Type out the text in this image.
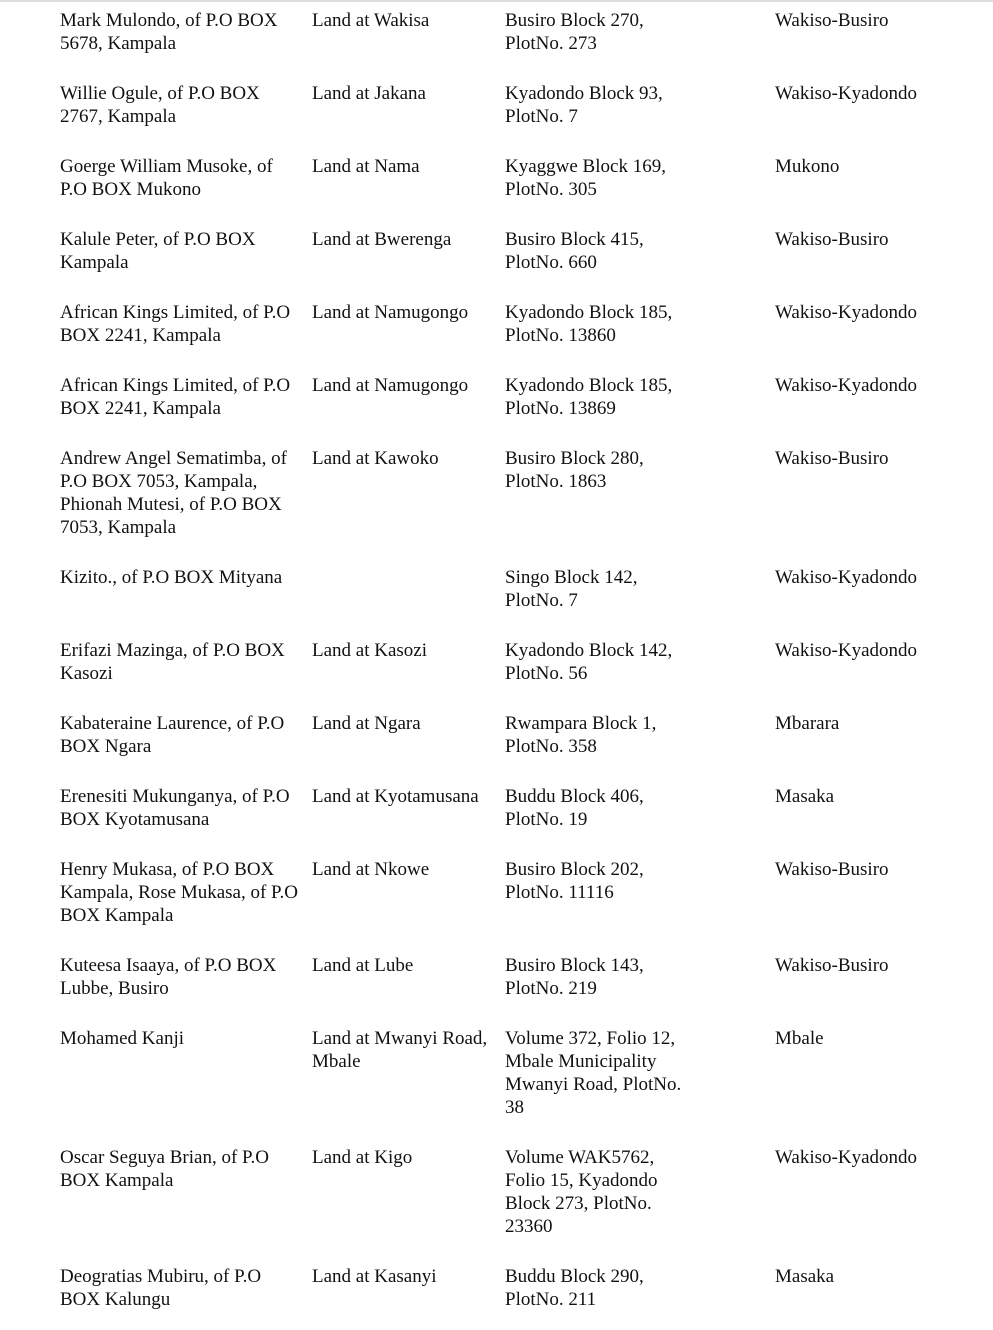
Mark Mulondo, of P.O BOX
5678, Kampala	Land at Wakisa	Busiro Block 270,
PlotNo. 273	Wakiso-Busiro
Willie Ogule, of P.O BOX
2767, Kampala	Land at Jakana	Kyadondo Block 93,
PlotNo. 7	Wakiso-Kyadondo
Goerge William Musoke, of
P.O BOX Mukono	Land at Nama	Kyaggwe Block 169,
PlotNo. 305	Mukono
Kalule Peter, of P.O BOX
Kampala	Land at Bwerenga	Busiro Block 415,
PlotNo. 660	Wakiso-Busiro
African Kings Limited, of P.O
BOX 2241, Kampala	Land at Namugongo	Kyadondo Block 185,
PlotNo. 13860	Wakiso-Kyadondo
African Kings Limited, of P.O
BOX 2241, Kampala	Land at Namugongo	Kyadondo Block 185,
PlotNo. 13869	Wakiso-Kyadondo
Andrew Angel Sematimba, of
P.O BOX 7053, Kampala,
Phionah Mutesi, of P.O BOX
7053, Kampala	Land at Kawoko	Busiro Block 280,
PlotNo. 1863	Wakiso-Busiro
Kizito., of P.O BOX Mityana		Singo Block 142,
PlotNo. 7	Wakiso-Kyadondo
Erifazi Mazinga, of P.O BOX
Kasozi	Land at Kasozi	Kyadondo Block 142,
PlotNo. 56	Wakiso-Kyadondo
Kabateraine Laurence, of P.O
BOX Ngara	Land at Ngara	Rwampara Block 1,
PlotNo. 358	Mbarara
Erenesiti Mukunganya, of P.O
BOX Kyotamusana	Land at Kyotamusana	Buddu Block 406,
PlotNo. 19	Masaka
Henry Mukasa, of P.O BOX
Kampala, Rose Mukasa, of P.O
BOX Kampala	Land at Nkowe	Busiro Block 202,
PlotNo. 11116	Wakiso-Busiro
Kuteesa Isaaya, of P.O BOX
Lubbe, Busiro	Land at Lube	Busiro Block 143,
PlotNo. 219	Wakiso-Busiro
Mohamed Kanji	Land at Mwanyi Road,
Mbale	Volume 372, Folio 12,
Mbale Municipality
Mwanyi Road, PlotNo.
38	Mbale
Oscar Seguya Brian, of P.O
BOX Kampala	Land at Kigo	Volume WAK5762,
Folio 15, Kyadondo
Block 273, PlotNo.
23360	Wakiso-Kyadondo
Deogratias Mubiru, of P.O
BOX Kalungu	Land at Kasanyi	Buddu Block 290,
PlotNo. 211	Masaka
